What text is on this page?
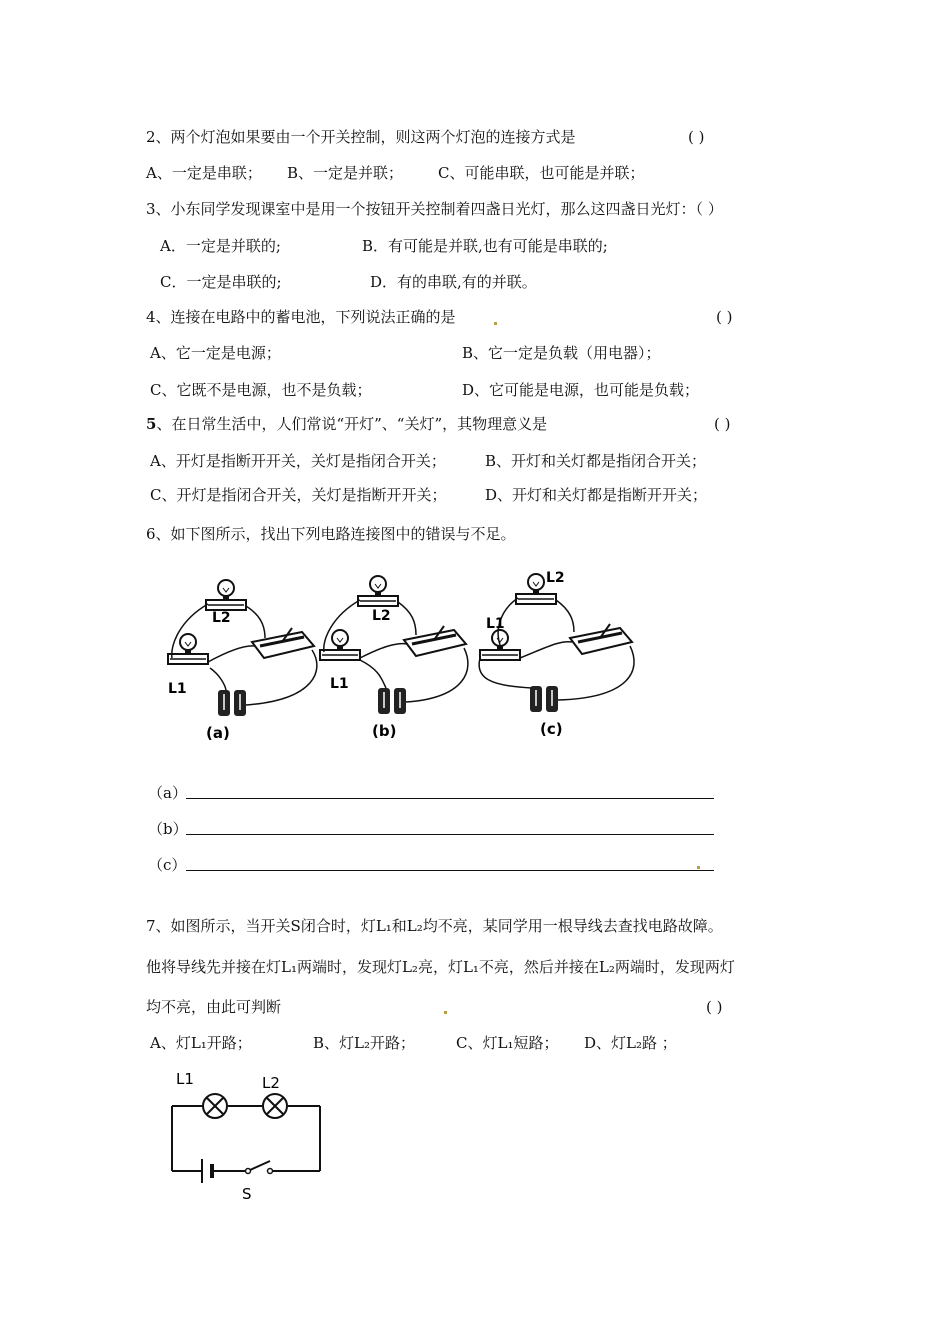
2、两个灯泡如果要由一个开关控制，则这两个灯泡的连接方式是	( )
A、一定是串联； B、一定是并联； C、可能串联，也可能是并联；
3、小东同学发现课室中是用一个按钮开关控制着四盏日光灯，那么这四盏日光灯：（ ）
A．一定是并联的;	B．有可能是并联,也有可能是串联的;
C．一定是串联的;	D．有的串联,有的并联。
4、连接在电路中的蓄电池，下列说法正确的是	( )
A、它一定是电源；	B、它一定是负载（用电器）；
C、它既不是电源，也不是负载；	D、它可能是电源，也可能是负载；
5、在日常生活中，人们常说“开灯”、“关灯”，其物理意义是	( )
A、开灯是指断开开关，关灯是指闭合开关；	B、开灯和关灯都是指闭合开关；
C、开灯是指闭合开关，关灯是指断开开关；	D、开灯和关灯都是指断开开关；
6、如下图所示，找出下列电路连接图中的错误与不足。
L2
L1
(a)
L2
L1
(b)
L2
L1
(c)
（a）
（b）
（c）
7、如图所示，当开关S闭合时，灯L₁和L₂均不亮，某同学用一根导线去查找电路故障。
他将导线先并接在灯L₁两端时，发现灯L₂亮，灯L₁不亮，然后并接在L₂两端时，发现两灯
均不亮，由此可判断	( )
A、灯L₁开路；	B、灯L₂开路；	C、灯L₁短路； D、灯L₂路 ；
L1	L2
S
